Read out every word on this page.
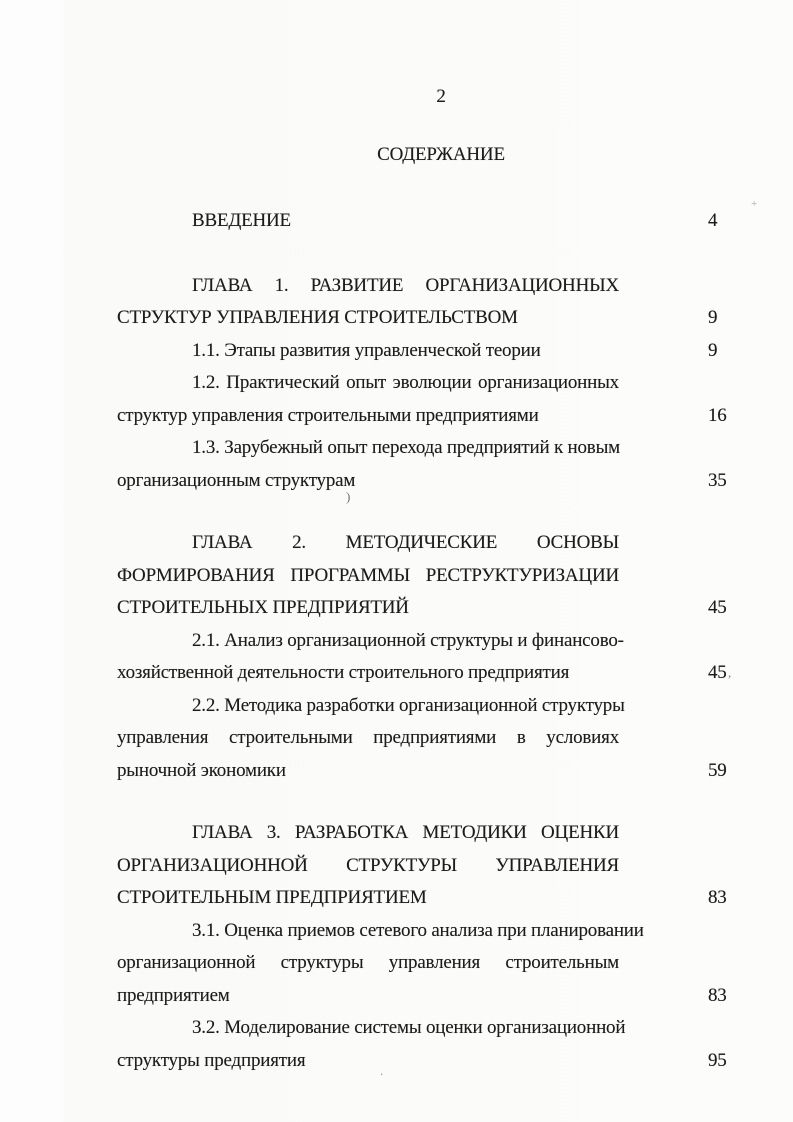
2
СОДЕРЖАНИЕ
ВВЕДЕНИЕ	4
ГЛАВА 1. РАЗВИТИЕ ОРГАНИЗАЦИОННЫХ
СТРУКТУР УПРАВЛЕНИЯ СТРОИТЕЛЬСТВОМ	9
1.1. Этапы развития управленческой теории	9
1.2. Практический опыт эволюции организационных
структур управления строительными предприятиями	16
1.3. Зарубежный опыт перехода предприятий к новым
организационным структурам	35
ГЛАВА 2. МЕТОДИЧЕСКИЕ ОСНОВЫ
ФОРМИРОВАНИЯ ПРОГРАММЫ РЕСТРУКТУРИЗАЦИИ
СТРОИТЕЛЬНЫХ ПРЕДПРИЯТИЙ	45
2.1. Анализ организационной структуры и финансово-
хозяйственной деятельности строительного предприятия	45
2.2. Методика разработки организационной структуры
управления строительными предприятиями в условиях
рыночной экономики	59
ГЛАВА 3. РАЗРАБОТКА МЕТОДИКИ ОЦЕНКИ
ОРГАНИЗАЦИОННОЙ СТРУКТУРЫ УПРАВЛЕНИЯ
СТРОИТЕЛЬНЫМ ПРЕДПРИЯТИЕМ	83
3.1. Оценка приемов сетевого анализа при планировании
организационной структуры управления строительным
предприятием	83
3.2. Моделирование системы оценки организационной
структуры предприятия	95
)
+
,
.
